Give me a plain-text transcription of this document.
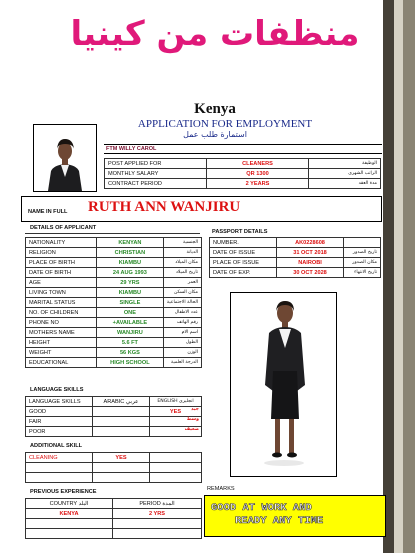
منظفات من كينيا
Kenya
APPLICATION FOR EMPLOYMENT
استمارة طلب عمل
FTM WILLY CAROL
POST APPLIED FOR	CLEANERS	الوظيفة
MONTHLY SALARY	QR 1300	الراتب الشهري
CONTRACT PERIOD	2 YEARS	مدة العقد
NAME IN FULL RUTH ANN WANJIRU
DETAILS OF APPLICANT
NATIONALITY	KENYAN	الجنسية
RELIGION	CHRISTIAN	الديانة
PLACE OF BIRTH	KIAMBU	مكان الميلاد
DATE OF BIRTH	24 AUG 1993	تاريخ الميلاد
AGE	29 YRS	العمر
LIVING TOWN	KIAMBU	مكان السكن
MARITAL STATUS	SINGLE	الحالة الاجتماعية
NO. OF CHILDREN	ONE	عدد الاطفال
PHONE NO	+AVAILABLE	رقم الهاتف
MOTHERS NAME	WANJIRU	اسم الام
HEIGHT	5.6 FT	الطول
WEIGHT	56 KGS	الوزن
EDUCATIONAL	HIGH SCHOOL	الدرجة العلمية
PASSPORT DETAILS
NUMBER.	AK0228608	
DATE OF ISSUE	31 OCT 2018	تاريخ الصدور
PLACE OF ISSUE	NAIROBI	مكان الصدور
DATE OF EXP.	30 OCT 2028	تاريخ الانتهاء
LANGUAGE SKILLS
LANGUAGE SKILLS	ARABIC عربي	ENGLISH انجليزي
GOOD		YES جيد

FAIR		وسط

POOR		ضعيف
ADDITIONAL SKILL
CLEANING	YES	

PREVIOUS EXPERIENCE
COUNTRY البلد	PERIOD المدة
KENYA	2 YRS

REMARKS
GOOD AT WORK AND
READY ANY TIME
